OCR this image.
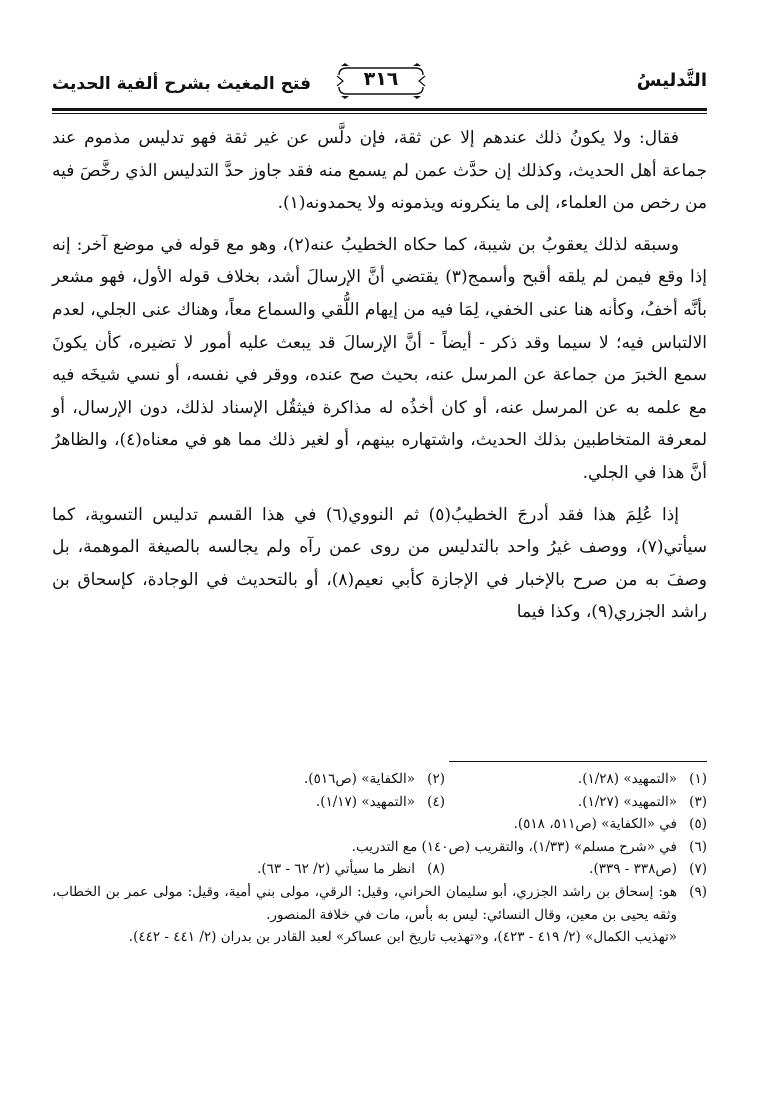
التَّدليسُ
٣١٦
فتح المغيث بشرح ألفية الحديث

فقال: ولا يكونُ ذلك عندهم إلا عن ثقة، فإن دلَّس عن غير ثقة فهو تدليس مذموم عند جماعة أهل الحديث، وكذلك إن حدَّث عمن لم يسمع منه فقد جاوز حدَّ التدليس الذي رخَّصَ فيه من رخص من العلماء، إلى ما ينكرونه ويذمونه ولا يحمدونه(١).

وسبقه لذلك يعقوبُ بن شيبة، كما حكاه الخطيبُ عنه(٢)، وهو مع قوله في موضع آخر: إنه إذا وقع فيمن لم يلقه أقبح وأسمج(٣) يقتضي أنَّ الإرسالَ أشد، بخلاف قوله الأول، فهو مشعر بأنَّه أخفُ، وكأنه هنا عنى الخفي، لِمَا فيه من إيهام اللُّقي والسماع معاً، وهناك عنى الجلي، لعدم الالتباس فيه؛ لا سيما وقد ذكر - أيضاً - أنَّ الإرسالَ قد يبعث عليه أمور لا تضيره، كأن يكونَ سمع الخبرَ من جماعة عن المرسل عنه، بحيث صح عنده، ووقر في نفسه، أو نسي شيخَه فيه مع علمه به عن المرسل عنه، أو كان أخذُه له مذاكرة فيثقُل الإسناد لذلك، دون الإرسال، أو لمعرفة المتخاطبين بذلك الحديث، واشتهاره بينهم، أو لغير ذلك مما هو في معناه(٤)، والظاهرُ أنَّ هذا في الجلي.

إذا عُلِمَ هذا فقد أدرجَ الخطيبُ(٥) ثم النووي(٦) في هذا القسم تدليس التسوية، كما سيأتي(٧)، ووصف غيرُ واحد بالتدليس من روى عمن رآه ولم يجالسه بالصيغة الموهمة، بل وصفَ به من صرح بالإخبار في الإجازة كأبي نعيم(٨)، أو بالتحديث في الوجادة، كإسحاق بن راشد الجزري(٩)، وكذا فيما

(١)
«التمهيد» (١/٢٨).
(٢)
«الكفاية» (ص٥١٦).
(٣)
«التمهيد» (١/٢٧).
(٤)
«التمهيد» (١/١٧).
(٥)
في «الكفاية» (ص٥١١، ٥١٨).
(٦)
في «شرح مسلم» (١/٣٣)، والتقريب (ص١٤٠) مع التدريب.
(٧)
(ص٣٣٨ - ٣٣٩).
(٨)
انظر ما سيأتي (٢/ ٦٢ - ٦٣).
(٩)
هو: إسحاق بن راشد الجزري، أبو سليمان الحراني، وقيل: الرقي، مولى بني أمية، وقيل: مولى عمر بن الخطاب، وثقه يحيى بن معين، وقال النسائي: ليس به بأس، مات في خلافة المنصور.
«تهذيب الكمال» (٢/ ٤١٩ - ٤٢٣)، و«تهذيب تاريخ ابن عساكر» لعبد القادر بن بدران (٢/ ٤٤١ - ٤٤٢).
